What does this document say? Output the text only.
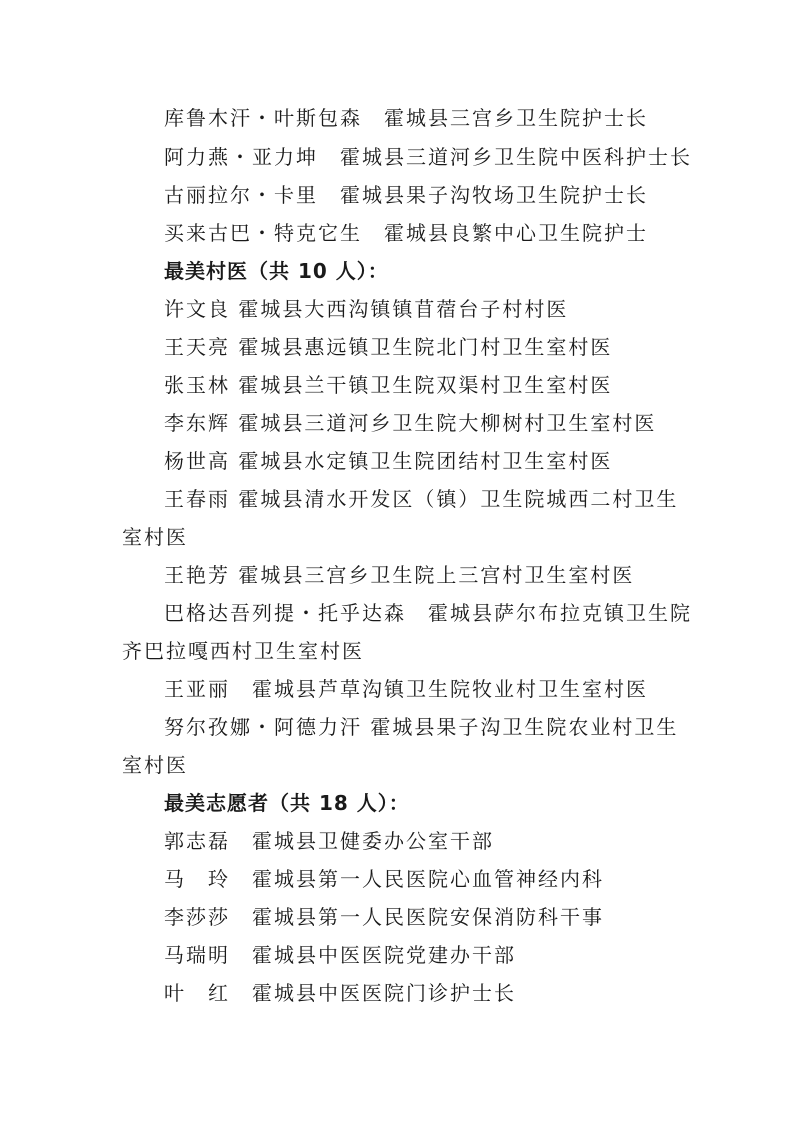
库鲁木汗・叶斯包森　霍城县三宫乡卫生院护士长
阿力燕・亚力坤　霍城县三道河乡卫生院中医科护士长
古丽拉尔・卡里　霍城县果子沟牧场卫生院护士长
买来古巴・特克它生　霍城县良繁中心卫生院护士
最美村医（共 10 人）：
许文良 霍城县大西沟镇镇苜蓿台子村村医
王天亮 霍城县惠远镇卫生院北门村卫生室村医
张玉林 霍城县兰干镇卫生院双渠村卫生室村医
李东辉 霍城县三道河乡卫生院大柳树村卫生室村医
杨世高 霍城县水定镇卫生院团结村卫生室村医
王春雨 霍城县清水开发区（镇）卫生院城西二村卫生
室村医
王艳芳 霍城县三宫乡卫生院上三宫村卫生室村医
巴格达吾列提・托乎达森　霍城县萨尔布拉克镇卫生院
齐巴拉嘎西村卫生室村医
王亚丽　霍城县芦草沟镇卫生院牧业村卫生室村医
努尔孜娜・阿德力汗 霍城县果子沟卫生院农业村卫生
室村医
最美志愿者（共 18 人）：
郭志磊　霍城县卫健委办公室干部
马　玲　霍城县第一人民医院心血管神经内科
李莎莎　霍城县第一人民医院安保消防科干事
马瑞明　霍城县中医医院党建办干部
叶　红　霍城县中医医院门诊护士长
